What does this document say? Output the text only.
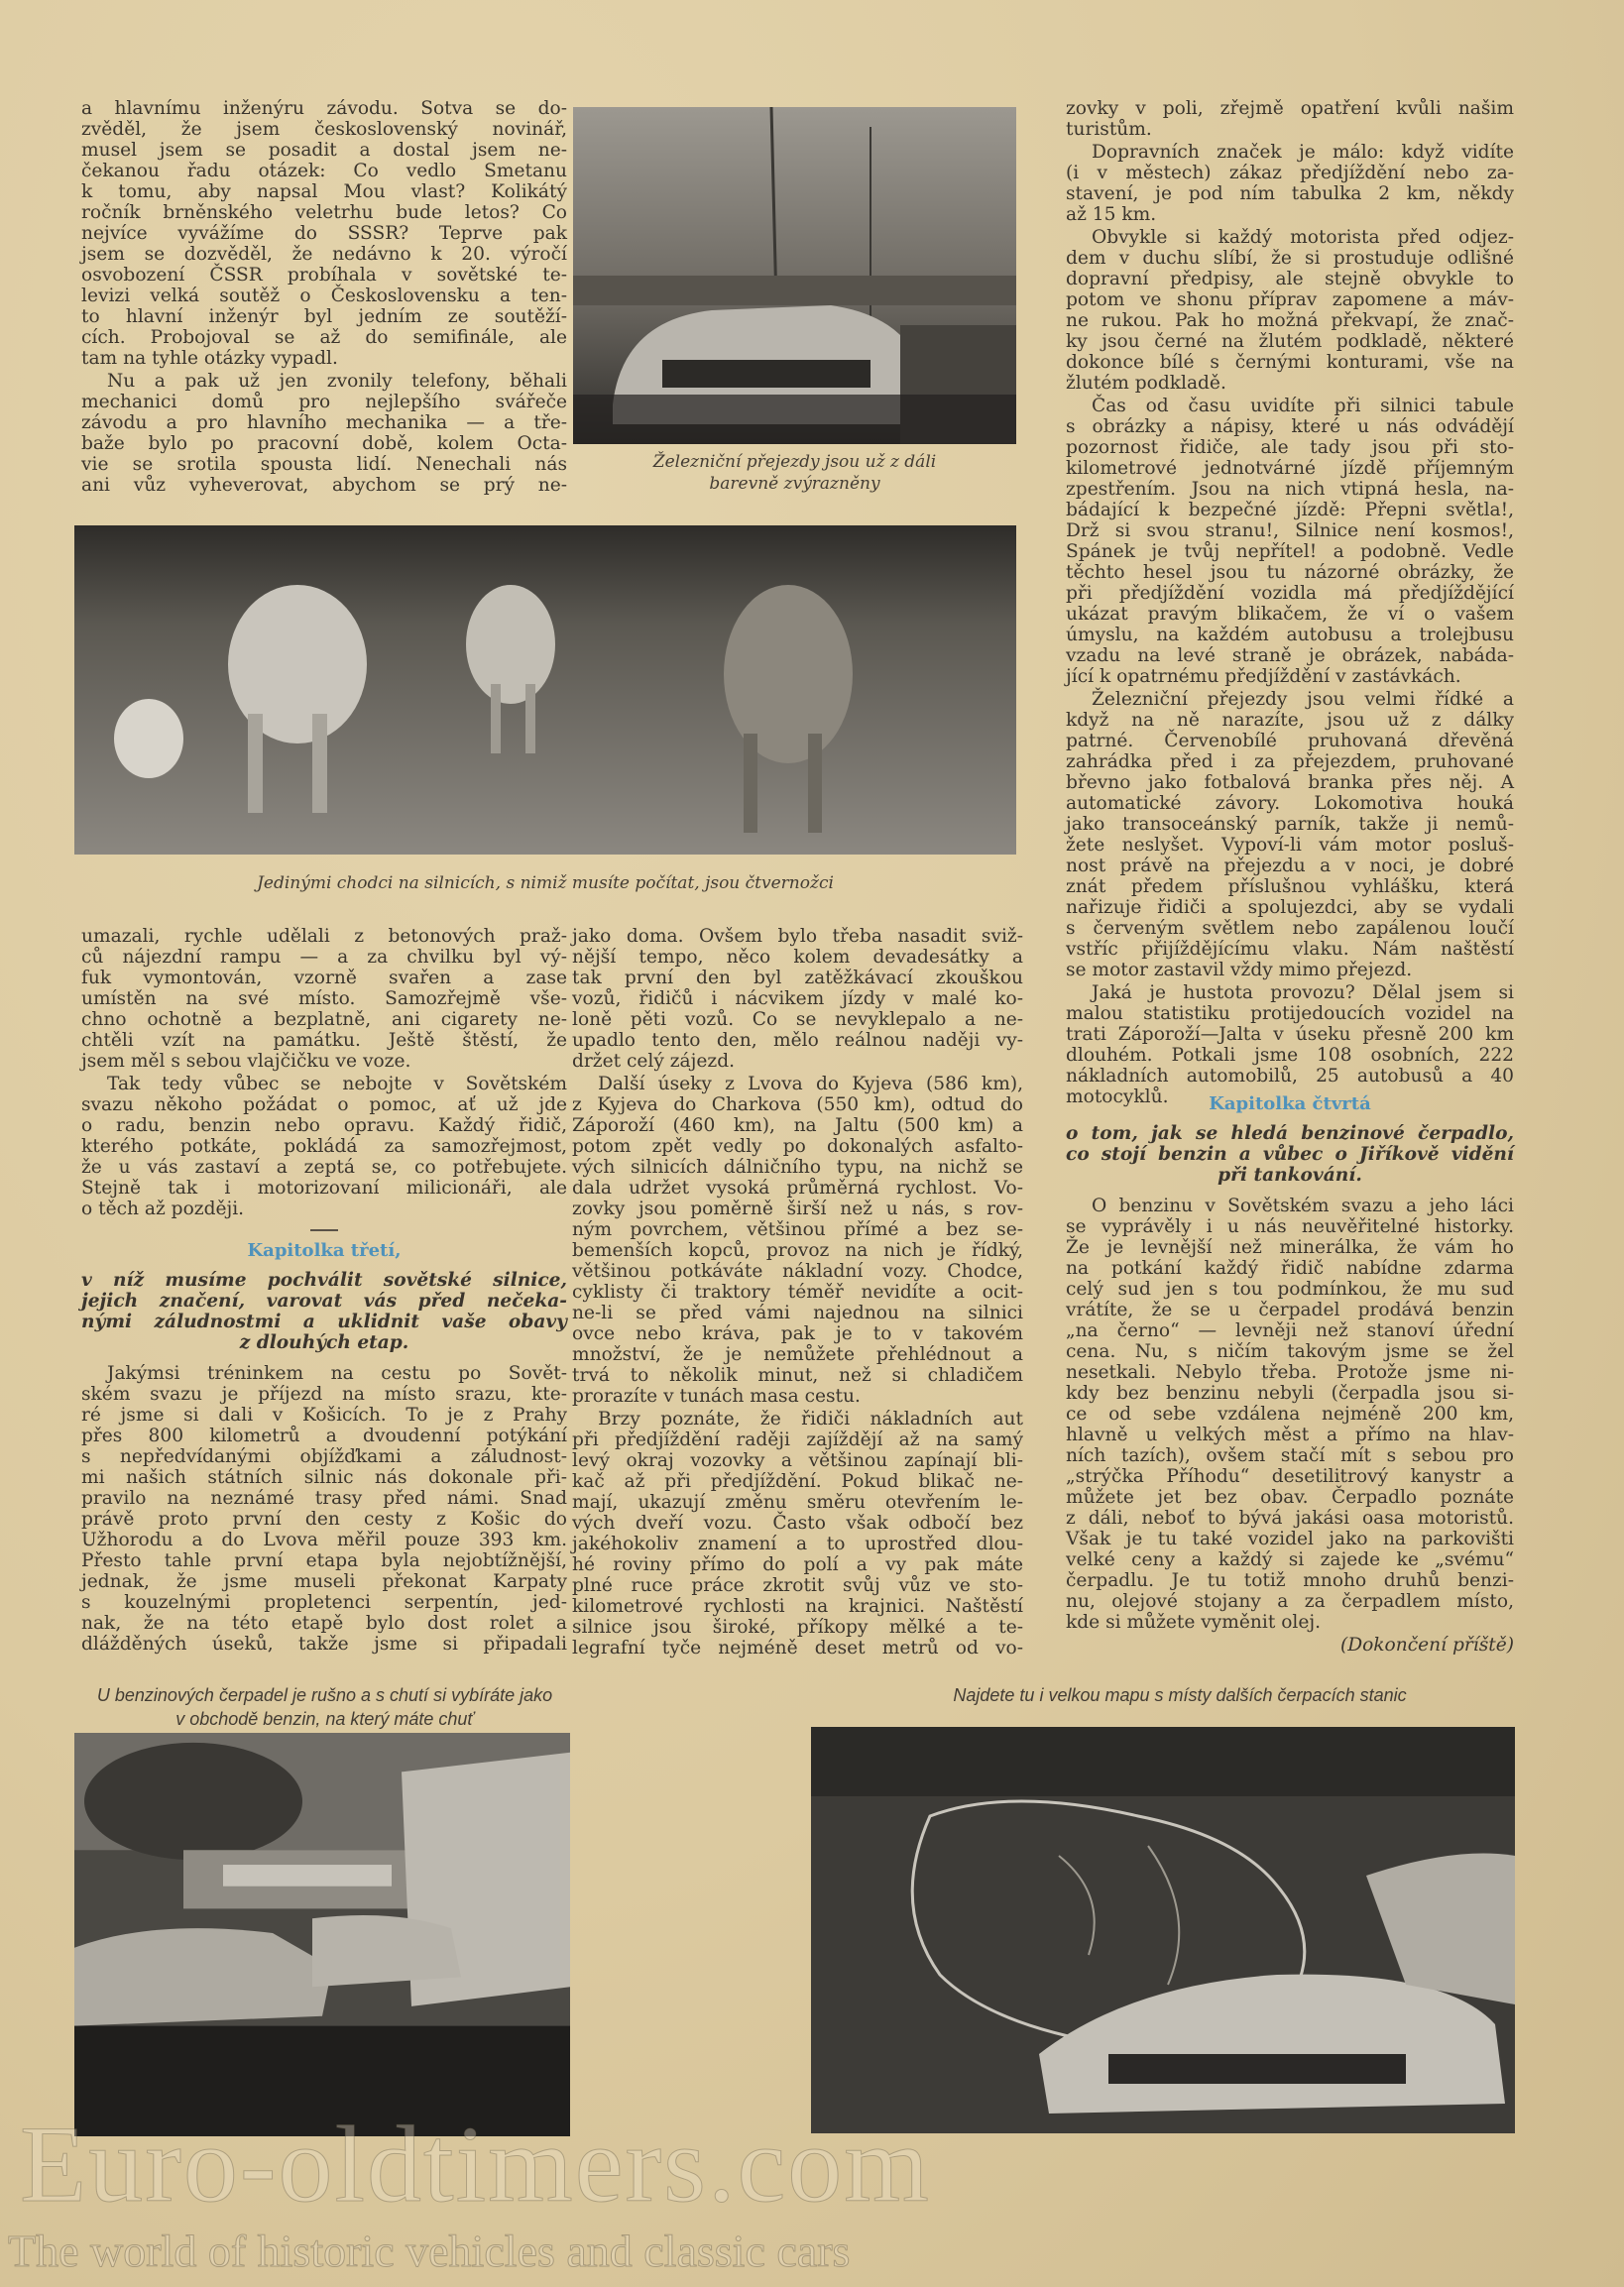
a hlavnímu inženýru závodu. Sotva se do-
zvěděl, že jsem československý novinář,
musel jsem se posadit a dostal jsem ne-
čekanou řadu otázek: Co vedlo Smetanu
k tomu, aby napsal Mou vlast? Kolikátý
ročník brněnského veletrhu bude letos? Co
nejvíce vyvážíme do SSSR? Teprve pak
jsem se dozvěděl, že nedávno k 20. výročí
osvobození ČSSR probíhala v sovětské te-
levizi velká soutěž o Československu a ten-
to hlavní inženýr byl jedním ze soutěží-
cích. Probojoval se až do semifinále, ale
tam na tyhle otázky vypadl.
Nu a pak už jen zvonily telefony, běhali
mechanici domů pro nejlepšího svářeče
závodu a pro hlavního mechanika — a tře-
baže bylo po pracovní době, kolem Octa-
vie se srotila spousta lidí. Nenechali nás
ani vůz vyheverovat, abychom se prý ne-
Železniční přejezdy jsou už z dáli
barevně zvýrazněny
zovky v poli, zřejmě opatření kvůli našim
turistům.
Dopravních značek je málo: když vidíte
(i v městech) zákaz předjíždění nebo za-
stavení, je pod ním tabulka 2 km, někdy
až 15 km.
Obvykle si každý motorista před odjez-
dem v duchu slíbí, že si prostuduje odlišné
dopravní předpisy, ale stejně obvykle to
potom ve shonu příprav zapomene a máv-
ne rukou. Pak ho možná překvapí, že znač-
ky jsou černé na žlutém podkladě, některé
dokonce bílé s černými konturami, vše na
žlutém podkladě.
Čas od času uvidíte při silnici tabule
s obrázky a nápisy, které u nás odvádějí
pozornost řidiče, ale tady jsou při sto-
kilometrové jednotvárné jízdě příjemným
zpestřením. Jsou na nich vtipná hesla, na-
bádající k bezpečné jízdě: Přepni světla!,
Drž si svou stranu!, Silnice není kosmos!,
Spánek je tvůj nepřítel! a podobně. Vedle
těchto hesel jsou tu názorné obrázky, že
při předjíždění vozidla má předjíždějící
ukázat pravým blikačem, že ví o vašem
úmyslu, na každém autobusu a trolejbusu
vzadu na levé straně je obrázek, nabáda-
jící k opatrnému předjíždění v zastávkách.
Železniční přejezdy jsou velmi řídké a
když na ně narazíte, jsou už z dálky
patrné. Červenobílé pruhovaná dřevěná
zahrádka před i za přejezdem, pruhované
břevno jako fotbalová branka přes něj. A
automatické závory. Lokomotiva houká
jako transoceánský parník, takže ji nemů-
žete neslyšet. Vypoví-li vám motor posluš-
nost právě na přejezdu a v noci, je dobré
znát předem příslušnou vyhlášku, která
nařizuje řidiči a spolujezdci, aby se vydali
s červeným světlem nebo zapálenou loučí
vstříc přijíždějícímu vlaku. Nám naštěstí
se motor zastavil vždy mimo přejezd.
Jaká je hustota provozu? Dělal jsem si
malou statistiku protijedoucích vozidel na
trati Záporoží—Jalta v úseku přesně 200 km
dlouhém. Potkali jsme 108 osobních, 222
nákladních automobilů, 25 autobusů a 40
motocyklů.
Jedinými chodci na silnicích, s nimiž musíte počítat, jsou čtvernožci
umazali, rychle udělali z betonových praž-
ců nájezdní rampu — a za chvilku byl vý-
fuk vymontován, vzorně svařen a zase
umístěn na své místo. Samozřejmě vše-
chno ochotně a bezplatně, ani cigarety ne-
chtěli vzít na památku. Ještě štěstí, že
jsem měl s sebou vlajčičku ve voze.
Tak tedy vůbec se nebojte v Sovětském
svazu někoho požádat o pomoc, ať už jde
o radu, benzin nebo opravu. Každý řidič,
kterého potkáte, pokládá za samozřejmost,
že u vás zastaví a zeptá se, co potřebujete.
Stejně tak i motorizovaní milicionáři, ale
o těch až později.
Kapitolka třetí,
v níž musíme pochválit sovětské silnice,
jejich značení, varovat vás před nečeka-
nými záludnostmi a uklidnit vaše obavy
z dlouhých etap.
Jakýmsi tréninkem na cestu po Sovět-
ském svazu je příjezd na místo srazu, kte-
ré jsme si dali v Košicích. To je z Prahy
přes 800 kilometrů a dvoudenní potýkání
s nepředvídanými objížďkami a záludnost-
mi našich státních silnic nás dokonale při-
pravilo na neznámé trasy před námi. Snad
právě proto první den cesty z Košic do
Užhorodu a do Lvova měřil pouze 393 km.
Přesto tahle první etapa byla nejobtížnější,
jednak, že jsme museli překonat Karpaty
s kouzelnými propletenci serpentín, jed-
nak, že na této etapě bylo dost rolet a
dlážděných úseků, takže jsme si připadali
jako doma. Ovšem bylo třeba nasadit sviž-
nější tempo, něco kolem devadesátky a
tak první den byl zatěžkávací zkouškou
vozů, řidičů i nácvikem jízdy v malé ko-
loně pěti vozů. Co se nevyklepalo a ne-
upadlo tento den, mělo reálnou naději vy-
držet celý zájezd.
Další úseky z Lvova do Kyjeva (586 km),
z Kyjeva do Charkova (550 km), odtud do
Záporoží (460 km), na Jaltu (500 km) a
potom zpět vedly po dokonalých asfalto-
vých silnicích dálničního typu, na nichž se
dala udržet vysoká průměrná rychlost. Vo-
zovky jsou poměrně širší než u nás, s rov-
ným povrchem, většinou přímé a bez se-
bemenších kopců, provoz na nich je řídký,
většinou potkáváte nákladní vozy. Chodce,
cyklisty či traktory téměř nevidíte a ocit-
ne-li se před vámi najednou na silnici
ovce nebo kráva, pak je to v takovém
množství, že je nemůžete přehlédnout a
trvá to několik minut, než si chladičem
prorazíte v tunách masa cestu.
Brzy poznáte, že řidiči nákladních aut
při předjíždění raději zajíždějí až na samý
levý okraj vozovky a většinou zapínají bli-
kač až při předjíždění. Pokud blikač ne-
mají, ukazují změnu směru otevřením le-
vých dveří vozu. Často však odbočí bez
jakéhokoliv znamení a to uprostřed dlou-
hé roviny přímo do polí a vy pak máte
plné ruce práce zkrotit svůj vůz ve sto-
kilometrové rychlosti na krajnici. Naštěstí
silnice jsou široké, příkopy mělké a te-
legrafní tyče nejméně deset metrů od vo-
Kapitolka čtvrtá
o tom, jak se hledá benzinové čerpadlo,
co stojí benzin a vůbec o Jiříkově vidění
při tankování.
O benzinu v Sovětském svazu a jeho láci
se vyprávěly i u nás neuvěřitelné historky.
Že je levnější než minerálka, že vám ho
na potkání každý řidič nabídne zdarma
celý sud jen s tou podmínkou, že mu sud
vrátíte, že se u čerpadel prodává benzin
„na černo“ — levněji než stanoví úřední
cena. Nu, s ničím takovým jsme se žel
nesetkali. Nebylo třeba. Protože jsme ni-
kdy bez benzinu nebyli (čerpadla jsou si-
ce od sebe vzdálena nejméně 200 km,
hlavně u velkých měst a přímo na hlav-
ních tazích), ovšem stačí mít s sebou pro
„strýčka Příhodu“ desetilitrový kanystr a
můžete jet bez obav. Čerpadlo poznáte
z dáli, neboť to bývá jakási oasa motoristů.
Však je tu také vozidel jako na parkovišti
velké ceny a každý si zajede ke „svému“
čerpadlu. Je tu totiž mnoho druhů benzi-
nu, olejové stojany a za čerpadlem místo,
kde si můžete vyměnit olej.
(Dokončení příště)
U benzinových čerpadel je rušno a s chutí si vybíráte jako
v obchodě benzin, na který máte chuť
Najdete tu i velkou mapu s místy dalších čerpacích stanic
Euro-oldtimers.com
The world of historic vehicles and classic cars
